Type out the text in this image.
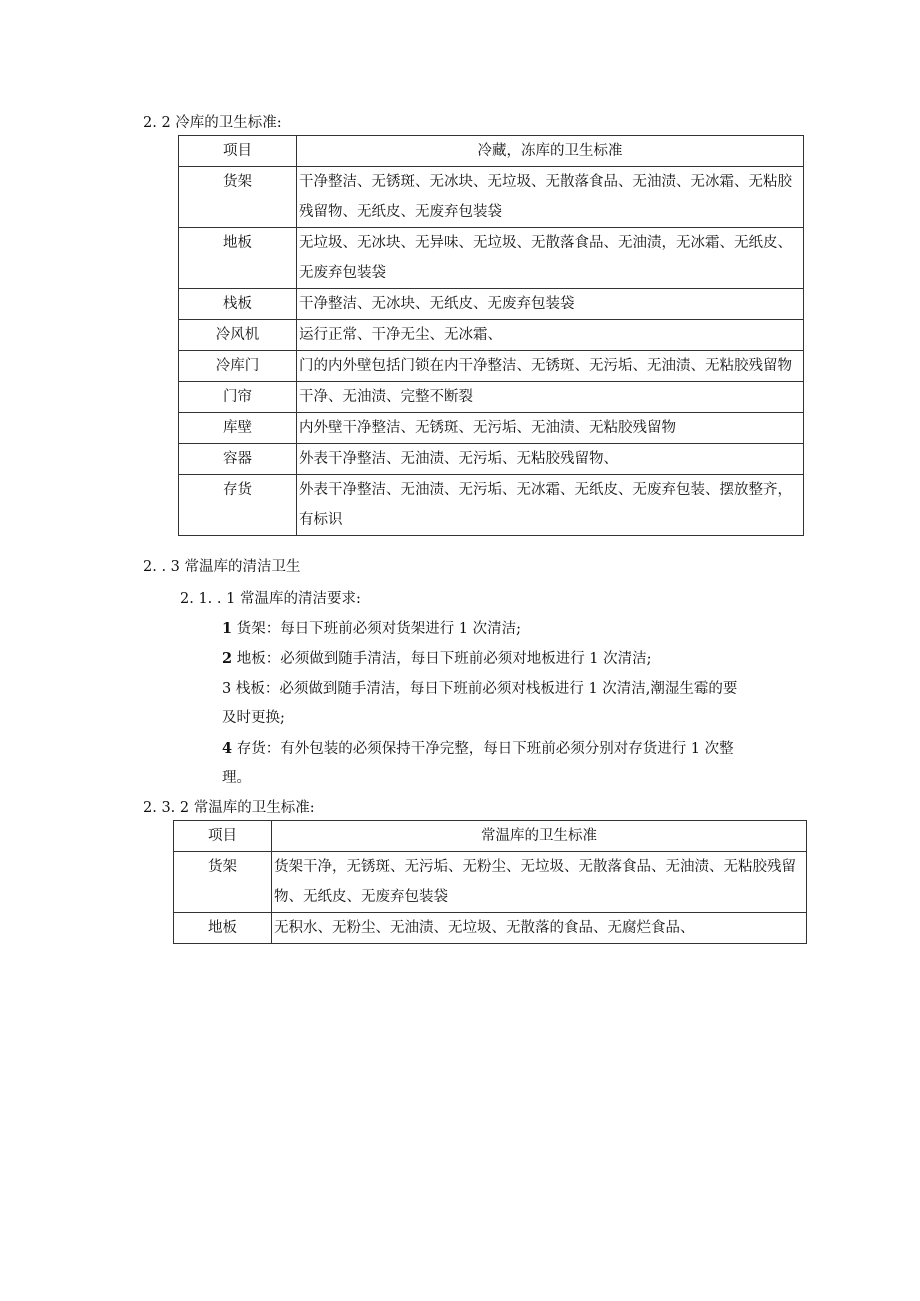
2. 2 冷库的卫生标准:
项目	冷藏，冻库的卫生标准
货架	干净整洁、无锈斑、无冰块、无垃圾、无散落食品、无油渍、无冰霜、无粘胶残留物、无纸皮、无废弃包装袋
地板	无垃圾、无冰块、无异味、无垃圾、无散落食品、无油渍，无冰霜、无纸皮、无废弃包装袋
栈板	干净整洁、无冰块、无纸皮、无废弃包装袋
冷风机	运行正常、干净无尘、无冰霜、
冷库门	门的内外壁包括门锁在内干净整洁、无锈斑、无污垢、无油渍、无粘胶残留物
门帘	干净、无油渍、完整不断裂
库壁	内外壁干净整洁、无锈斑、无污垢、无油渍、无粘胶残留物
容器	外表干净整洁、无油渍、无污垢、无粘胶残留物、
存货	外表干净整洁、无油渍、无污垢、无冰霜、无纸皮、无废弃包装、摆放整齐，有标识
2. . 3 常温库的清洁卫生
2. 1. . 1 常温库的清洁要求:
1 货架：每日下班前必须对货架进行 1 次清洁;
2 地板：必须做到随手清洁，每日下班前必须对地板进行 1 次清洁;
3 栈板：必须做到随手清洁，每日下班前必须对栈板进行 1 次清洁,潮湿生霉的要
及时更换;
4 存货：有外包装的必须保持干净完整，每日下班前必须分别对存货进行 1 次整
理。
2. 3. 2 常温库的卫生标准:
项目	常温库的卫生标准
货架	货架干净，无锈斑、无污垢、无粉尘、无垃圾、无散落食品、无油渍、无粘胶残留物、无纸皮、无废弃包装袋
地板	无积水、无粉尘、无油渍、无垃圾、无散落的食品、无腐烂食品、
